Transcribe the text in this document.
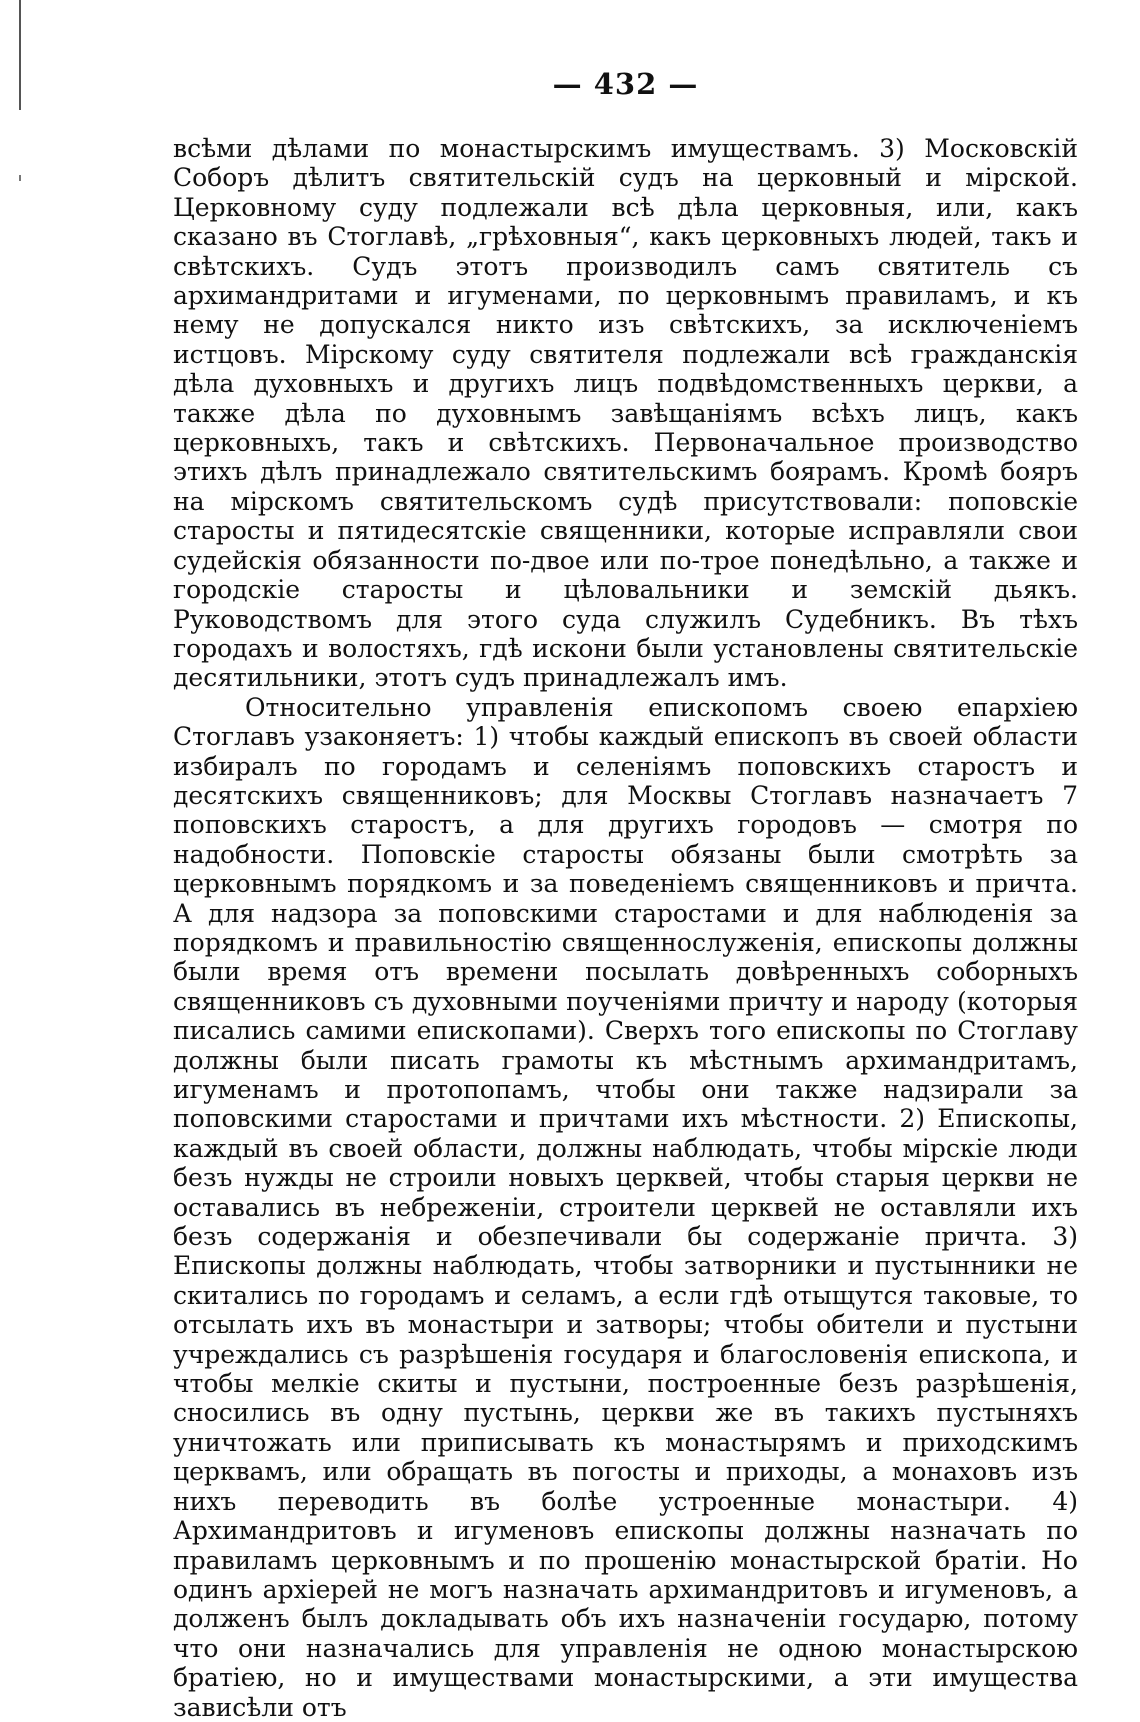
— 432 —

всѣми дѣлами по монастырскимъ имуществамъ. 3) Московскій Соборъ дѣлитъ святительскій судъ на церковный и мірской. Церковному суду подлежали всѣ дѣла церковныя, или, какъ сказано въ Стоглавѣ, „грѣховныя“, какъ церковныхъ людей, такъ и свѣтскихъ. Судъ этотъ производилъ самъ святитель съ архимандритами и игуменами, по церковнымъ правиламъ, и къ нему не допускался никто изъ свѣтскихъ, за исключеніемъ истцовъ. Мірскому суду святителя подлежали всѣ гражданскія дѣла духовныхъ и другихъ лицъ подвѣдомственныхъ церкви, а также дѣла по духовнымъ завѣщаніямъ всѣхъ лицъ, какъ церковныхъ, такъ и свѣтскихъ. Первоначальное производство этихъ дѣлъ принадлежало святительскимъ боярамъ. Кромѣ бояръ на мірскомъ святительскомъ судѣ присутствовали: поповскіе старосты и пятидесятскіе священники, которые исправляли свои судейскія обязанности по-двое или по-трое понедѣльно, а также и городскіе старосты и цѣловальники и земскій дьякъ. Руководствомъ для этого суда служилъ Судебникъ. Въ тѣхъ городахъ и волостяхъ, гдѣ искони были установлены святительскіе десятильники, этотъ судъ принадлежалъ имъ.

Относительно управленія епископомъ своею епархіею Стоглавъ узаконяетъ: 1) чтобы каждый епископъ въ своей области избиралъ по городамъ и селеніямъ поповскихъ старостъ и десятскихъ священниковъ; для Москвы Стоглавъ назначаетъ 7 поповскихъ старостъ, а для другихъ городовъ — смотря по надобности. Поповскіе старосты обязаны были смотрѣть за церковнымъ порядкомъ и за поведеніемъ священниковъ и причта. А для надзора за поповскими старостами и для наблюденія за порядкомъ и правильностію священнослуженія, епископы должны были время отъ времени посылать довѣренныхъ соборныхъ священниковъ съ духовными поученіями причту и народу (которыя писались самими епископами). Сверхъ того епископы по Стоглаву должны были писать грамоты къ мѣстнымъ архимандритамъ, игуменамъ и протопопамъ, чтобы они также надзирали за поповскими старостами и причтами ихъ мѣстности. 2) Епископы, каждый въ своей области, должны наблюдать, чтобы мірскіе люди безъ нужды не строили новыхъ церквей, чтобы старыя церкви не оставались въ небреженіи, строители церквей не оставляли ихъ безъ содержанія и обезпечивали бы содержаніе причта. 3) Епископы должны наблюдать, чтобы затворники и пустынники не скитались по городамъ и селамъ, а если гдѣ отыщутся таковые, то отсылать ихъ въ монастыри и затворы; чтобы обители и пустыни учреждались съ разрѣшенія государя и благословенія епископа, и чтобы мелкіе скиты и пустыни, построенные безъ разрѣшенія, сносились въ одну пустынь, церкви же въ такихъ пустыняхъ уничтожать или приписывать къ монастырямъ и приходскимъ церквамъ, или обращать въ погосты и приходы, а монаховъ изъ нихъ переводить въ болѣе устроенные монастыри. 4) Архимандритовъ и игуменовъ епископы должны назначать по правиламъ церковнымъ и по прошенію монастырской братіи. Но одинъ архіерей не могъ назначать архимандритовъ и игуменовъ, а долженъ былъ докладывать объ ихъ назначеніи государю, потому что они назначались для управленія не одною монастырскою братіею, но и имуществами монастырскими, а эти имущества зависѣли отъ
